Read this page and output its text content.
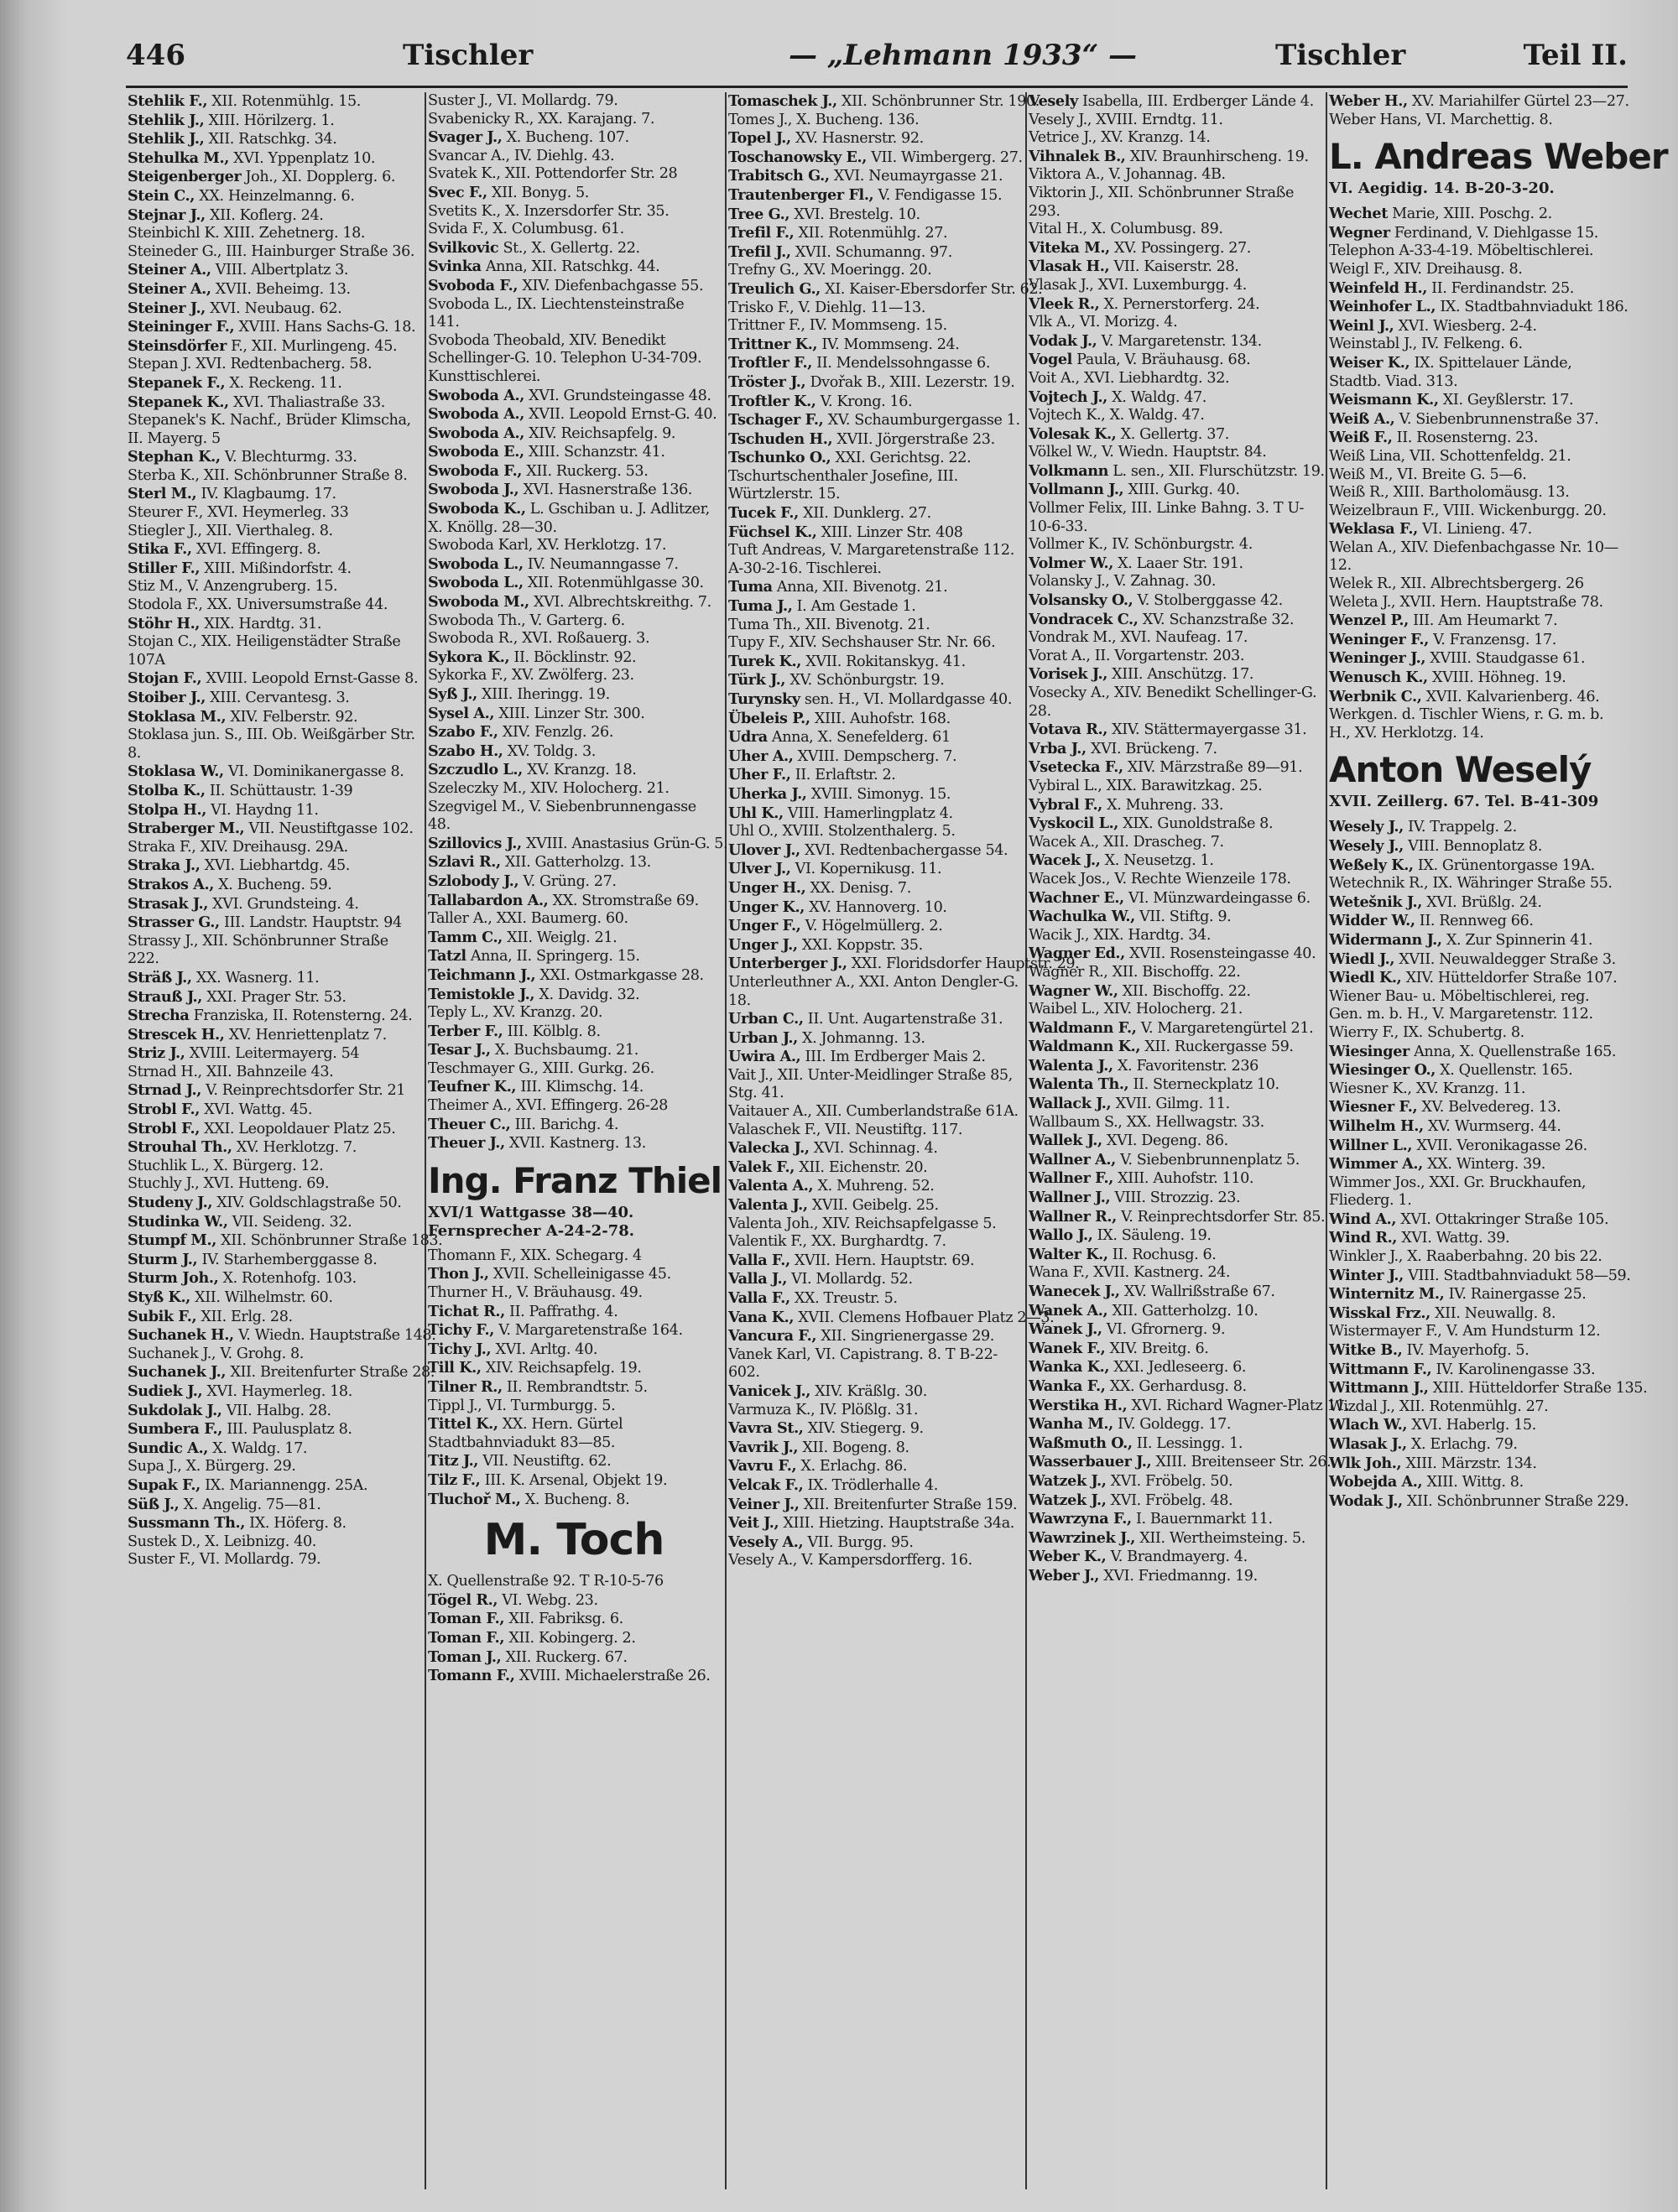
446	Tischler	— „Lehmann 1933“ —	Tischler	Teil II.

Stehlik F., XII. Rotenmühlg. 15.

Stehlik J., XIII. Hörilzerg. 1.

Stehlik J., XII. Ratschkg. 34.

Stehulka M., XVI. Yppenplatz 10.

Steigenberger Joh., XI. Dopplerg. 6.

Stein C., XX. Heinzelmanng. 6.

Stejnar J., XII. Koflerg. 24.

Steinbichl K. XIII. Zehetnerg. 18.

Steineder G., III. Hainburger Straße 36.

Steiner A., VIII. Albertplatz 3.

Steiner A., XVII. Beheimg. 13.

Steiner J., XVI. Neubaug. 62.

Steininger F., XVIII. Hans Sachs-G. 18.

Steinsdörfer F., XII. Murlingeng. 45.

Stepan J. XVI. Redtenbacherg. 58.

Stepanek F., X. Reckeng. 11.

Stepanek K., XVI. Thaliastraße 33.

Stepanek's K. Nachf., Brüder Klimscha, II. Mayerg. 5

Stephan K., V. Blechturmg. 33.

Sterba K., XII. Schönbrunner Straße 8.

Sterl M., IV. Klagbaumg. 17.

Steurer F., XVI. Heymerleg. 33

Stiegler J., XII. Vierthaleg. 8.

Stika F., XVI. Effingerg. 8.

Stiller F., XIII. Mißindorfstr. 4.

Stiz M., V. Anzengruberg. 15.

Stodola F., XX. Universumstraße 44.

Stöhr H., XIX. Hardtg. 31.

Stojan C., XIX. Heiligenstädter Straße 107A

Stojan F., XVIII. Leopold Ernst-Gasse 8.

Stoiber J., XIII. Cervantesg. 3.

Stoklasa M., XIV. Felberstr. 92.

Stoklasa jun. S., III. Ob. Weißgärber Str. 8.

Stoklasa W., VI. Dominikanergasse 8.

Stolba K., II. Schüttaustr. 1-39

Stolpa H., VI. Haydng 11.

Straberger M., VII. Neustiftgasse 102.

Straka F., XIV. Dreihausg. 29A.

Straka J., XVI. Liebhartdg. 45.

Strakos A., X. Bucheng. 59.

Strasak J., XVI. Grundsteing. 4.

Strasser G., III. Landstr. Hauptstr. 94

Strassy J., XII. Schönbrunner Straße 222.

Sträß J., XX. Wasnerg. 11.

Strauß J., XXI. Prager Str. 53.

Strecha Franziska, II. Rotensterng. 24.

Strescek H., XV. Henriettenplatz 7.

Striz J., XVIII. Leitermayerg. 54

Strnad H., XII. Bahnzeile 43.

Strnad J., V. Reinprechtsdorfer Str. 21

Strobl F., XVI. Wattg. 45.

Strobl F., XXI. Leopoldauer Platz 25.

Strouhal Th., XV. Herklotzg. 7.

Stuchlik L., X. Bürgerg. 12.

Stuchly J., XVI. Hutteng. 69.

Studeny J., XIV. Goldschlagstraße 50.

Studinka W., VII. Seideng. 32.

Stumpf M., XII. Schönbrunner Straße 183.

Sturm J., IV. Starhemberggasse 8.

Sturm Joh., X. Rotenhofg. 103.

Styß K., XII. Wilhelmstr. 60.

Subik F., XII. Erlg. 28.

Suchanek H., V. Wiedn. Hauptstraße 148.

Suchanek J., V. Grohg. 8.

Suchanek J., XII. Breitenfurter Straße 28.

Sudiek J., XVI. Haymerleg. 18.

Sukdolak J., VII. Halbg. 28.

Sumbera F., III. Paulusplatz 8.

Sundic A., X. Waldg. 17.

Supa J., X. Bürgerg. 29.

Supak F., IX. Mariannengg. 25A.

Süß J., X. Angelig. 75—81.

Sussmann Th., IX. Höferg. 8.

Sustek D., X. Leibnizg. 40.

Suster F., VI. Mollardg. 79.

Suster J., VI. Mollardg. 79.

Svabenicky R., XX. Karajang. 7.

Svager J., X. Bucheng. 107.

Svancar A., IV. Diehlg. 43.

Svatek K., XII. Pottendorfer Str. 28

Svec F., XII. Bonyg. 5.

Svetits K., X. Inzersdorfer Str. 35.

Svida F., X. Columbusg. 61.

Svilkovic St., X. Gellertg. 22.

Svinka Anna, XII. Ratschkg. 44.

Svoboda F., XIV. Diefenbachgasse 55.

Svoboda L., IX. Liechtensteinstraße 141.

Svoboda Theobald, XIV. Benedikt Schellinger-G. 10. Telephon U-34-709. Kunsttischlerei.

Swoboda A., XVI. Grundsteingasse 48.

Swoboda A., XVII. Leopold Ernst-G. 40.

Swoboda A., XIV. Reichsapfelg. 9.

Swoboda E., XIII. Schanzstr. 41.

Swoboda F., XII. Ruckerg. 53.

Swoboda J., XVI. Hasnerstraße 136.

Swoboda K., L. Gschiban u. J. Adlitzer, X. Knöllg. 28—30.

Swoboda Karl, XV. Herklotzg. 17.

Swoboda L., IV. Neumanngasse 7.

Swoboda L., XII. Rotenmühlgasse 30.

Swoboda M., XVI. Albrechtskreithg. 7.

Swoboda Th., V. Garterg. 6.

Swoboda R., XVI. Roßauerg. 3.

Sykora K., II. Böcklinstr. 92.

Sykorka F., XV. Zwölferg. 23.

Syß J., XIII. Iheringg. 19.

Sysel A., XIII. Linzer Str. 300.

Szabo F., XIV. Fenzlg. 26.

Szabo H., XV. Toldg. 3.

Szczudlo L., XV. Kranzg. 18.

Szeleczky M., XIV. Holocherg. 21.

Szegvigel M., V. Siebenbrunnengasse 48.

Szillovics J., XVIII. Anastasius Grün-G. 5.

Szlavi R., XII. Gatterholzg. 13.

Szlobody J., V. Grüng. 27.

Tallabardon A., XX. Stromstraße 69.

Taller A., XXI. Baumerg. 60.

Tamm C., XII. Weiglg. 21.

Tatzl Anna, II. Springerg. 15.

Teichmann J., XXI. Ostmarkgasse 28.

Temistokle J., X. Davidg. 32.

Teply L., XV. Kranzg. 20.

Terber F., III. Kölblg. 8.

Tesar J., X. Buchsbaumg. 21.

Teschmayer G., XIII. Gurkg. 26.

Teufner K., III. Klimschg. 14.

Theimer A., XVI. Effingerg. 26-28

Theuer C., III. Barichg. 4.

Theuer J., XVII. Kastnerg. 13.

Ing. Franz Thiel
XVI/1 Wattgasse 38—40.
Fernsprecher A-24-2-78.

Thomann F., XIX. Schegarg. 4

Thon J., XVII. Schelleinigasse 45.

Thurner H., V. Bräuhausg. 49.

Tichat R., II. Paffrathg. 4.

Tichy F., V. Margaretenstraße 164.

Tichy J., XVI. Arltg. 40.

Till K., XIV. Reichsapfelg. 19.

Tilner R., II. Rembrandtstr. 5.

Tippl J., VI. Turmburgg. 5.

Tittel K., XX. Hern. Gürtel Stadtbahnviadukt 83—85.

Titz J., VII. Neustiftg. 62.

Tilz F., III. K. Arsenal, Objekt 19.

Tluchoř M., X. Bucheng. 8.

M. Toch

X. Quellenstraße 92. T R-10-5-76

Tögel R., VI. Webg. 23.

Toman F., XII. Fabriksg. 6.

Toman F., XII. Kobingerg. 2.

Toman J., XII. Ruckerg. 67.

Tomann F., XVIII. Michaelerstraße 26.

Tomaschek J., XII. Schönbrunner Str. 190.

Tomes J., X. Bucheng. 136.

Topel J., XV. Hasnerstr. 92.

Toschanowsky E., VII. Wimbergerg. 27.

Trabitsch G., XVI. Neumayrgasse 21.

Trautenberger Fl., V. Fendigasse 15.

Tree G., XVI. Brestelg. 10.

Trefil F., XII. Rotenmühlg. 27.

Trefil J., XVII. Schumanng. 97.

Trefny G., XV. Moeringg. 20.

Treulich G., XI. Kaiser-Ebersdorfer Str. 62.

Trisko F., V. Diehlg. 11—13.

Trittner F., IV. Mommseng. 15.

Trittner K., IV. Mommseng. 24.

Troftler F., II. Mendelssohngasse 6.

Tröster J., Dvořak B., XIII. Lezerstr. 19.

Troftler K., V. Krong. 16.

Tschager F., XV. Schaumburgergasse 1.

Tschuden H., XVII. Jörgerstraße 23.

Tschunko O., XXI. Gerichtsg. 22.

Tschurtschenthaler Josefine, III. Würtzlerstr. 15.

Tucek F., XII. Dunklerg. 27.

Füchsel K., XIII. Linzer Str. 408

Tuft Andreas, V. Margaretenstraße 112. A-30-2-16. Tischlerei.

Tuma Anna, XII. Bivenotg. 21.

Tuma J., I. Am Gestade 1.

Tuma Th., XII. Bivenotg. 21.

Tupy F., XIV. Sechshauser Str. Nr. 66.

Turek K., XVII. Rokitanskyg. 41.

Türk J., XV. Schönburgstr. 19.

Turynsky sen. H., VI. Mollardgasse 40.

Übeleis P., XIII. Auhofstr. 168.

Udra Anna, X. Senefelderg. 61

Uher A., XVIII. Dempscherg. 7.

Uher F., II. Erlaftstr. 2.

Uherka J., XVIII. Simonyg. 15.

Uhl K., VIII. Hamerlingplatz 4.

Uhl O., XVIII. Stolzenthalerg. 5.

Ulover J., XVI. Redtenbachergasse 54.

Ulver J., VI. Kopernikusg. 11.

Unger H., XX. Denisg. 7.

Unger K., XV. Hannoverg. 10.

Unger F., V. Högelmüllerg. 2.

Unger J., XXI. Koppstr. 35.

Unterberger J., XXI. Floridsdorfer Hauptstr. 29.

Unterleuthner A., XXI. Anton Dengler-G. 18.

Urban C., II. Unt. Augartenstraße 31.

Urban J., X. Johmanng. 13.

Uwira A., III. Im Erdberger Mais 2.

Vait J., XII. Unter-Meidlinger Straße 85, Stg. 41.

Vaitauer A., XII. Cumberlandstraße 61A.

Valaschek F., VII. Neustiftg. 117.

Valecka J., XVI. Schinnag. 4.

Valek F., XII. Eichenstr. 20.

Valenta A., X. Muhreng. 52.

Valenta J., XVII. Geibelg. 25.

Valenta Joh., XIV. Reichsapfelgasse 5.

Valentik F., XX. Burghardtg. 7.

Valla F., XVII. Hern. Hauptstr. 69.

Valla J., VI. Mollardg. 52.

Valla F., XX. Treustr. 5.

Vana K., XVII. Clemens Hofbauer Platz 2—3.

Vancura F., XII. Singrienergasse 29.

Vanek Karl, VI. Capistrang. 8. T B-22-602.

Vanicek J., XIV. Kräßlg. 30.

Varmuza K., IV. Plößlg. 31.

Vavra St., XIV. Stiegerg. 9.

Vavrik J., XII. Bogeng. 8.

Vavru F., X. Erlachg. 86.

Velcak F., IX. Trödlerhalle 4.

Veiner J., XII. Breitenfurter Straße 159.

Veit J., XIII. Hietzing. Hauptstraße 34a.

Vesely A., VII. Burgg. 95.

Vesely A., V. Kampersdorfferg. 16.

Vesely Isabella, III. Erdberger Lände 4.

Vesely J., XVIII. Erndtg. 11.

Vetrice J., XV. Kranzg. 14.

Vihnalek B., XIV. Braunhirscheng. 19.

Viktora A., V. Johannag. 4B.

Viktorin J., XII. Schönbrunner Straße 293.

Vital H., X. Columbusg. 89.

Viteka M., XV. Possingerg. 27.

Vlasak H., VII. Kaiserstr. 28.

Vlasak J., XVI. Luxemburgg. 4.

Vleek R., X. Pernerstorferg. 24.

Vlk A., VI. Morizg. 4.

Vodak J., V. Margaretenstr. 134.

Vogel Paula, V. Bräuhausg. 68.

Voit A., XVI. Liebhardtg. 32.

Vojtech J., X. Waldg. 47.

Vojtech K., X. Waldg. 47.

Volesak K., X. Gellertg. 37.

Völkel W., V. Wiedn. Hauptstr. 84.

Volkmann L. sen., XII. Flurschützstr. 19.

Vollmann J., XIII. Gurkg. 40.

Vollmer Felix, III. Linke Bahng. 3. T U-10-6-33.

Vollmer K., IV. Schönburgstr. 4.

Volmer W., X. Laaer Str. 191.

Volansky J., V. Zahnag. 30.

Volsansky O., V. Stolberggasse 42.

Vondracek C., XV. Schanzstraße 32.

Vondrak M., XVI. Naufeag. 17.

Vorat A., II. Vorgartenstr. 203.

Vorisek J., XIII. Anschützg. 17.

Vosecky A., XIV. Benedikt Schellinger-G. 28.

Votava R., XIV. Stättermayergasse 31.

Vrba J., XVI. Brückeng. 7.

Vsetecka F., XIV. Märzstraße 89—91.

Vybiral L., XIX. Barawitzkag. 25.

Vybral F., X. Muhreng. 33.

Vyskocil L., XIX. Gunoldstraße 8.

Wacek A., XII. Drascheg. 7.

Wacek J., X. Neusetzg. 1.

Wacek Jos., V. Rechte Wienzeile 178.

Wachner E., VI. Münzwardeingasse 6.

Wachulka W., VII. Stiftg. 9.

Wacik J., XIX. Hardtg. 34.

Wagner Ed., XVII. Rosensteingasse 40.

Wagner R., XII. Bischoffg. 22.

Wagner W., XII. Bischoffg. 22.

Waibel L., XIV. Holocherg. 21.

Waldmann F., V. Margaretengürtel 21.

Waldmann K., XII. Ruckergasse 59.

Walenta J., X. Favoritenstr. 236

Walenta Th., II. Sterneckplatz 10.

Wallack J., XVII. Gilmg. 11.

Wallbaum S., XX. Hellwagstr. 33.

Wallek J., XVI. Degeng. 86.

Wallner A., V. Siebenbrunnenplatz 5.

Wallner F., XIII. Auhofstr. 110.

Wallner J., VIII. Strozzig. 23.

Wallner R., V. Reinprechtsdorfer Str. 85.

Wallo J., IX. Säuleng. 19.

Walter K., II. Rochusg. 6.

Wana F., XVII. Kastnerg. 24.

Wanecek J., XV. Wallrißstraße 67.

Wanek A., XII. Gatterholzg. 10.

Wanek J., VI. Gfrornerg. 9.

Wanek F., XIV. Breitg. 6.

Wanka K., XXI. Jedleseerg. 6.

Wanka F., XX. Gerhardusg. 8.

Werstika H., XVI. Richard Wagner-Platz 11.

Wanha M., IV. Goldegg. 17.

Waßmuth O., II. Lessingg. 1.

Wasserbauer J., XIII. Breitenseer Str. 26.

Watzek J., XVI. Fröbelg. 50.

Watzek J., XVI. Fröbelg. 48.

Wawrzyna F., I. Bauernmarkt 11.

Wawrzinek J., XII. Wertheimsteing. 5.

Weber K., V. Brandmayerg. 4.

Weber J., XVI. Friedmanng. 19.

Weber H., XV. Mariahilfer Gürtel 23—27.

Weber Hans, VI. Marchettig. 8.

L. Andreas Weber
VI. Aegidig. 14. B-20-3-20.

Wechet Marie, XIII. Poschg. 2.

Wegner Ferdinand, V. Diehlgasse 15. Telephon A-33-4-19. Möbeltischlerei.

Weigl F., XIV. Dreihausg. 8.

Weinfeld H., II. Ferdinandstr. 25.

Weinhofer L., IX. Stadtbahnviadukt 186.

Weinl J., XVI. Wiesberg. 2-4.

Weinstabl J., IV. Felkeng. 6.

Weiser K., IX. Spittelauer Lände, Stadtb. Viad. 313.

Weismann K., XI. Geyßlerstr. 17.

Weiß A., V. Siebenbrunnenstraße 37.

Weiß F., II. Rosensterng. 23.

Weiß Lina, VII. Schottenfeldg. 21.

Weiß M., VI. Breite G. 5—6.

Weiß R., XIII. Bartholomäusg. 13.

Weizelbraun F., VIII. Wickenburgg. 20.

Weklasa F., VI. Linieng. 47.

Welan A., XIV. Diefenbachgasse Nr. 10—12.

Welek R., XII. Albrechtsbergerg. 26

Weleta J., XVII. Hern. Hauptstraße 78.

Wenzel P., III. Am Heumarkt 7.

Weninger F., V. Franzensg. 17.

Weninger J., XVIII. Staudgasse 61.

Wenusch K., XVIII. Höhneg. 19.

Werbnik C., XVII. Kalvarienberg. 46.

Werkgen. d. Tischler Wiens, r. G. m. b. H., XV. Herklotzg. 14.

Anton Weselý
XVII. Zeillerg. 67. Tel. B-41-309

Wesely J., IV. Trappelg. 2.

Wesely J., VIII. Bennoplatz 8.

Weßely K., IX. Grünentorgasse 19A.

Wetechnik R., IX. Währinger Straße 55.

Wetešnik J., XVI. Brüßlg. 24.

Widder W., II. Rennweg 66.

Widermann J., X. Zur Spinnerin 41.

Wiedl J., XVII. Neuwaldegger Straße 3.

Wiedl K., XIV. Hütteldorfer Straße 107.

Wiener Bau- u. Möbeltischlerei, reg. Gen. m. b. H., V. Margaretenstr. 112.

Wierry F., IX. Schubertg. 8.

Wiesinger Anna, X. Quellenstraße 165.

Wiesinger O., X. Quellenstr. 165.

Wiesner K., XV. Kranzg. 11.

Wiesner F., XV. Belvedereg. 13.

Wilhelm H., XV. Wurmserg. 44.

Willner L., XVII. Veronikagasse 26.

Wimmer A., XX. Winterg. 39.

Wimmer Jos., XXI. Gr. Bruckhaufen, Fliederg. 1.

Wind A., XVI. Ottakringer Straße 105.

Wind R., XVI. Wattg. 39.

Winkler J., X. Raaberbahng. 20 bis 22.

Winter J., VIII. Stadtbahnviadukt 58—59.

Winternitz M., IV. Rainergasse 25.

Wisskal Frz., XII. Neuwallg. 8.

Wistermayer F., V. Am Hundsturm 12.

Witke B., IV. Mayerhofg. 5.

Wittmann F., IV. Karolinengasse 33.

Wittmann J., XIII. Hütteldorfer Straße 135.

Wizdal J., XII. Rotenmühlg. 27.

Wlach W., XVI. Haberlg. 15.

Wlasak J., X. Erlachg. 79.

Wlk Joh., XIII. Märzstr. 134.

Wobejda A., XIII. Wittg. 8.

Wodak J., XII. Schönbrunner Straße 229.
